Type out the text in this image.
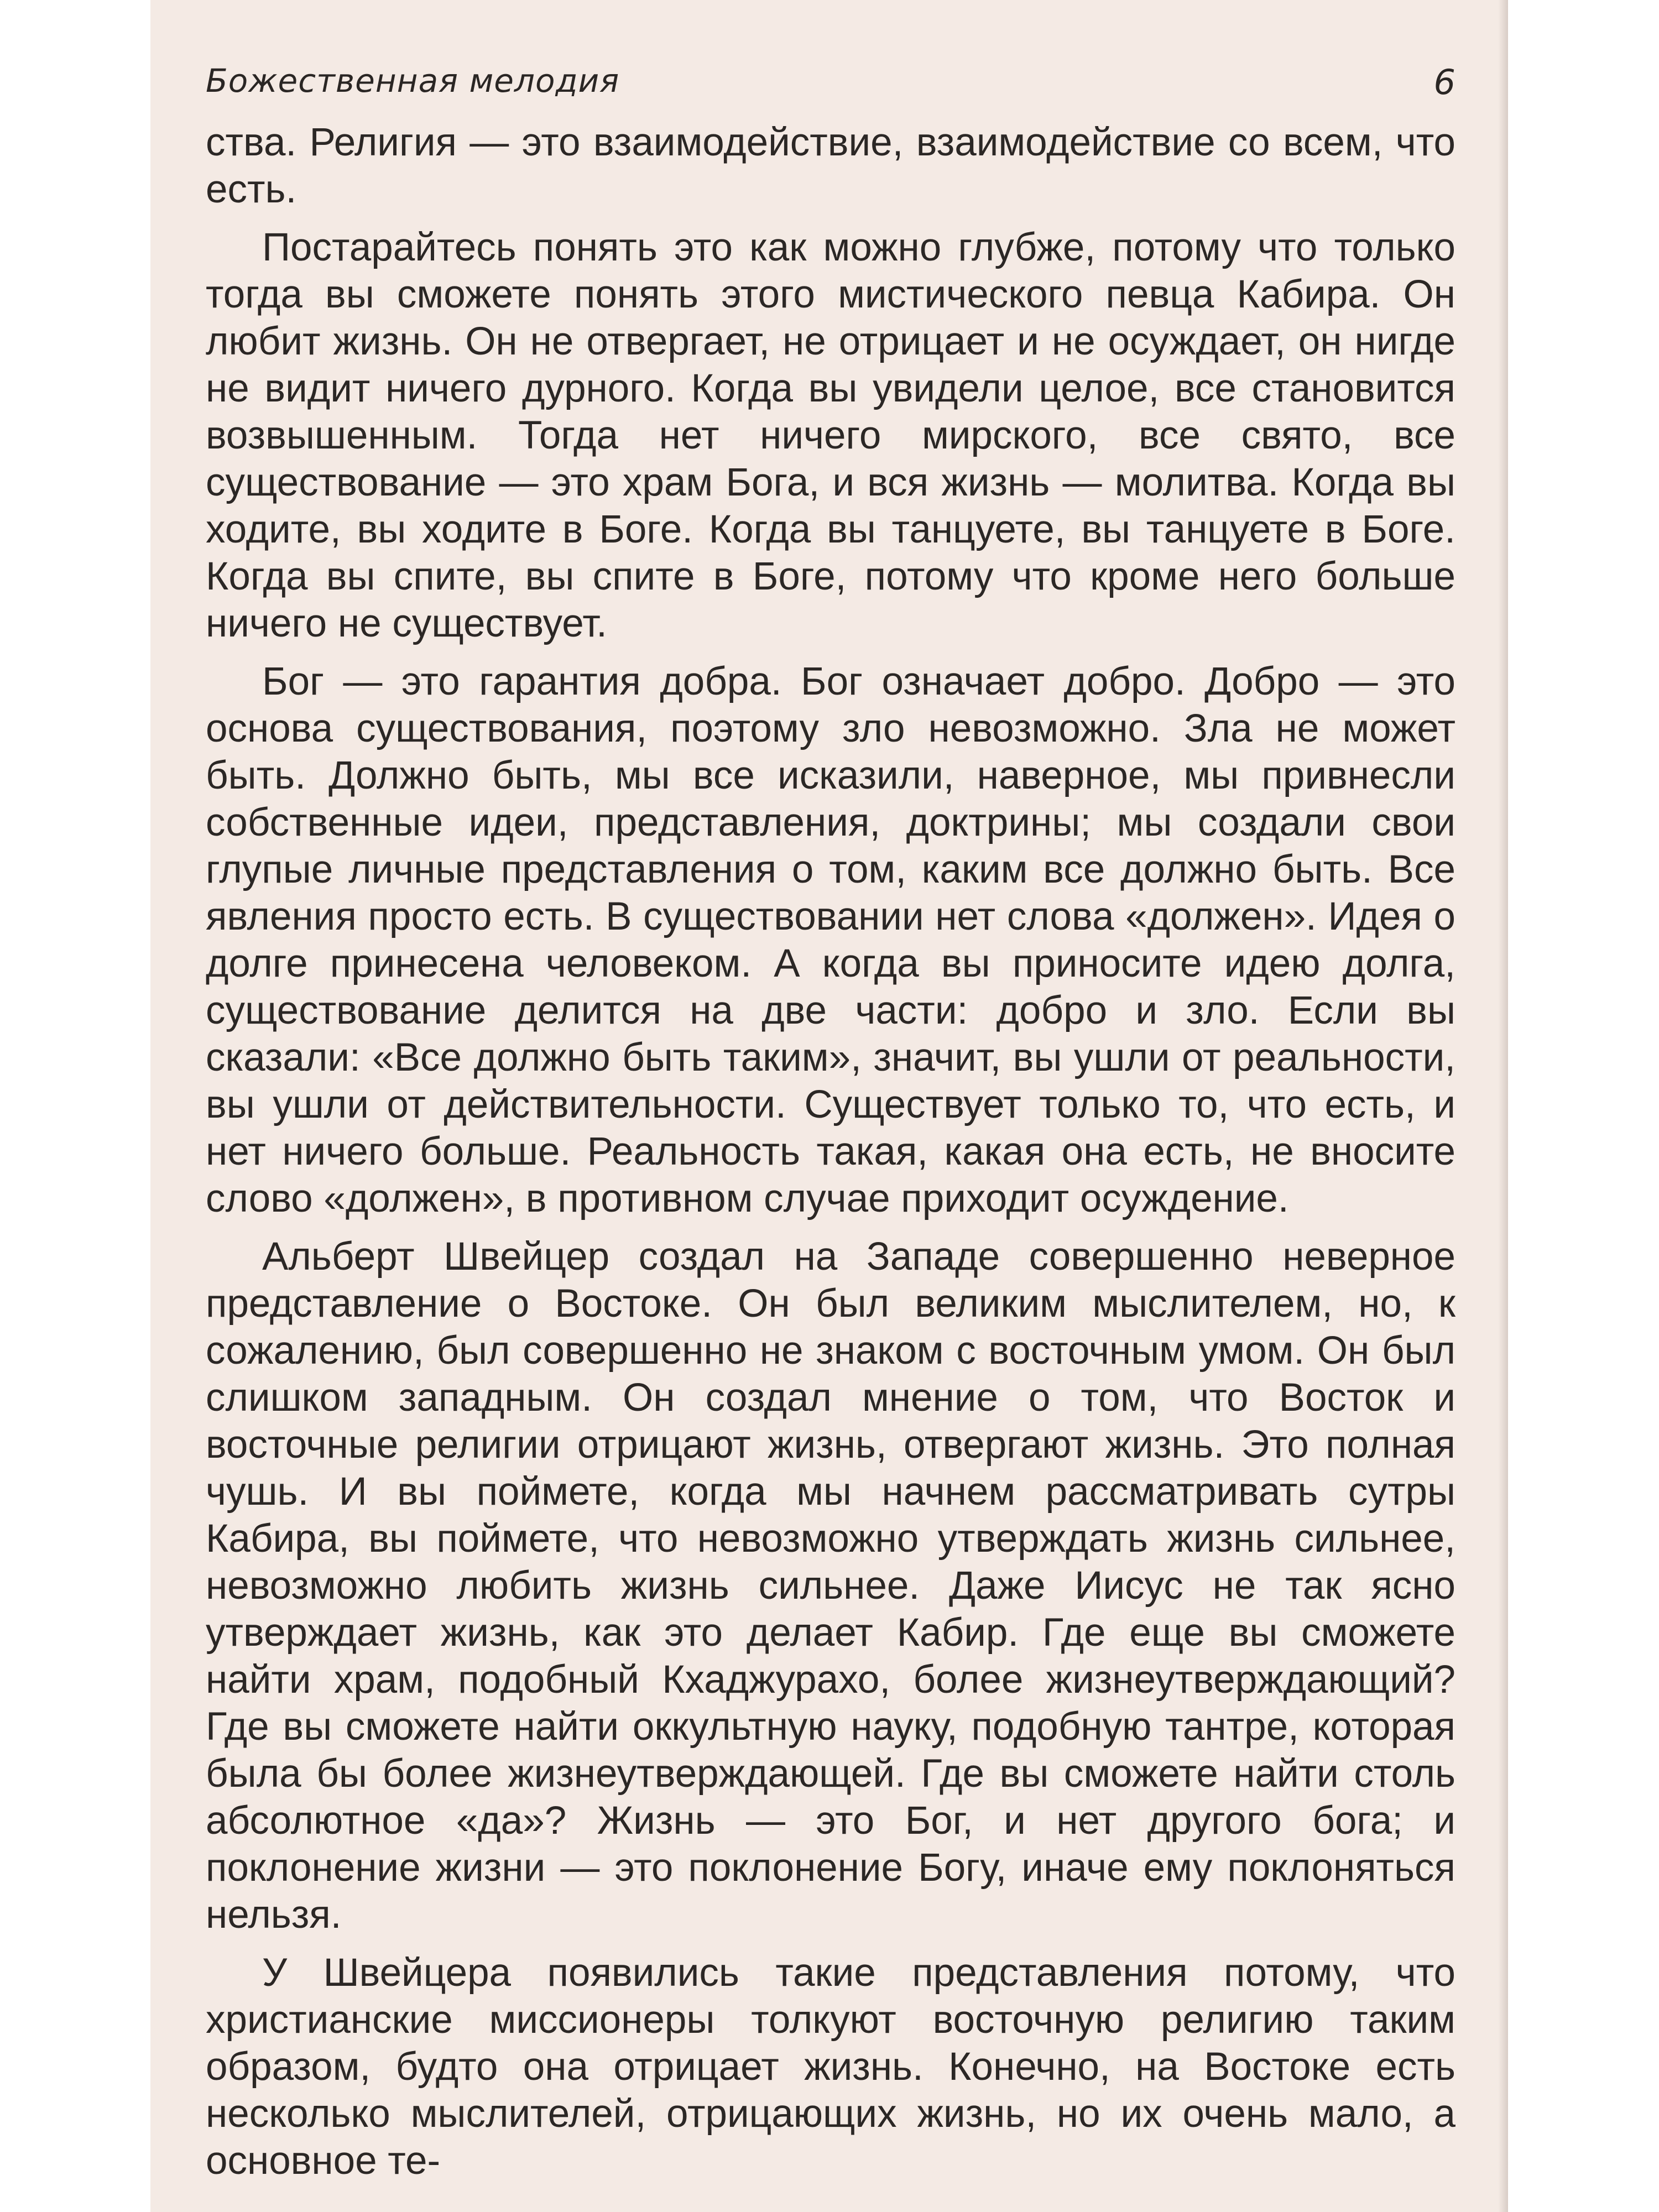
Божественная мелодия	6

ства. Религия — это взаимодействие, взаимодействие со всем, что есть.

Постарайтесь понять это как можно глубже, потому что только тогда вы сможете понять этого мистического певца Кабира. Он любит жизнь. Он не отвергает, не отрицает и не осуждает, он нигде не видит ничего дурного. Когда вы увидели целое, все становится возвышенным. Тогда нет ничего мирского, все свято, все существование — это храм Бога, и вся жизнь — молитва. Когда вы ходите, вы ходите в Боге. Когда вы танцуете, вы танцуете в Боге. Когда вы спите, вы спите в Боге, потому что кроме него больше ничего не существует.

Бог — это гарантия добра. Бог означает добро. Добро — это основа существования, поэтому зло невозможно. Зла не может быть. Должно быть, мы все исказили, наверное, мы привнесли собственные идеи, представления, доктрины; мы создали свои глупые личные представления о том, каким все должно быть. Все явления просто есть. В существовании нет слова «должен». Идея о долге принесена человеком. А когда вы приносите идею долга, существование делится на две части: добро и зло. Если вы сказали: «Все должно быть таким», значит, вы ушли от реальности, вы ушли от действительности. Существует только то, что есть, и нет ничего больше. Реальность такая, какая она есть, не вносите слово «должен», в противном случае приходит осуждение.

Альберт Швейцер создал на Западе совершенно неверное представление о Востоке. Он был великим мыслителем, но, к сожалению, был совершенно не знаком с восточным умом. Он был слишком западным. Он создал мнение о том, что Восток и восточные религии отрицают жизнь, отвергают жизнь. Это полная чушь. И вы поймете, когда мы начнем рассматривать сутры Кабира, вы поймете, что невозможно утверждать жизнь сильнее, невозможно любить жизнь сильнее. Даже Иисус не так ясно утверждает жизнь, как это делает Кабир. Где еще вы сможете найти храм, подобный Кхаджурахо, более жизнеутверждающий? Где вы сможете найти оккультную науку, подобную тантре, которая была бы более жизнеутверждающей. Где вы сможете найти столь абсолютное «да»? Жизнь — это Бог, и нет другого бога; и поклонение жизни — это поклонение Богу, иначе ему поклоняться нельзя.

У Швейцера появились такие представления потому, что христианские миссионеры толкуют восточную религию таким образом, будто она отрицает жизнь. Конечно, на Востоке есть несколько мыслителей, отрицающих жизнь, но их очень мало, а основное те-
